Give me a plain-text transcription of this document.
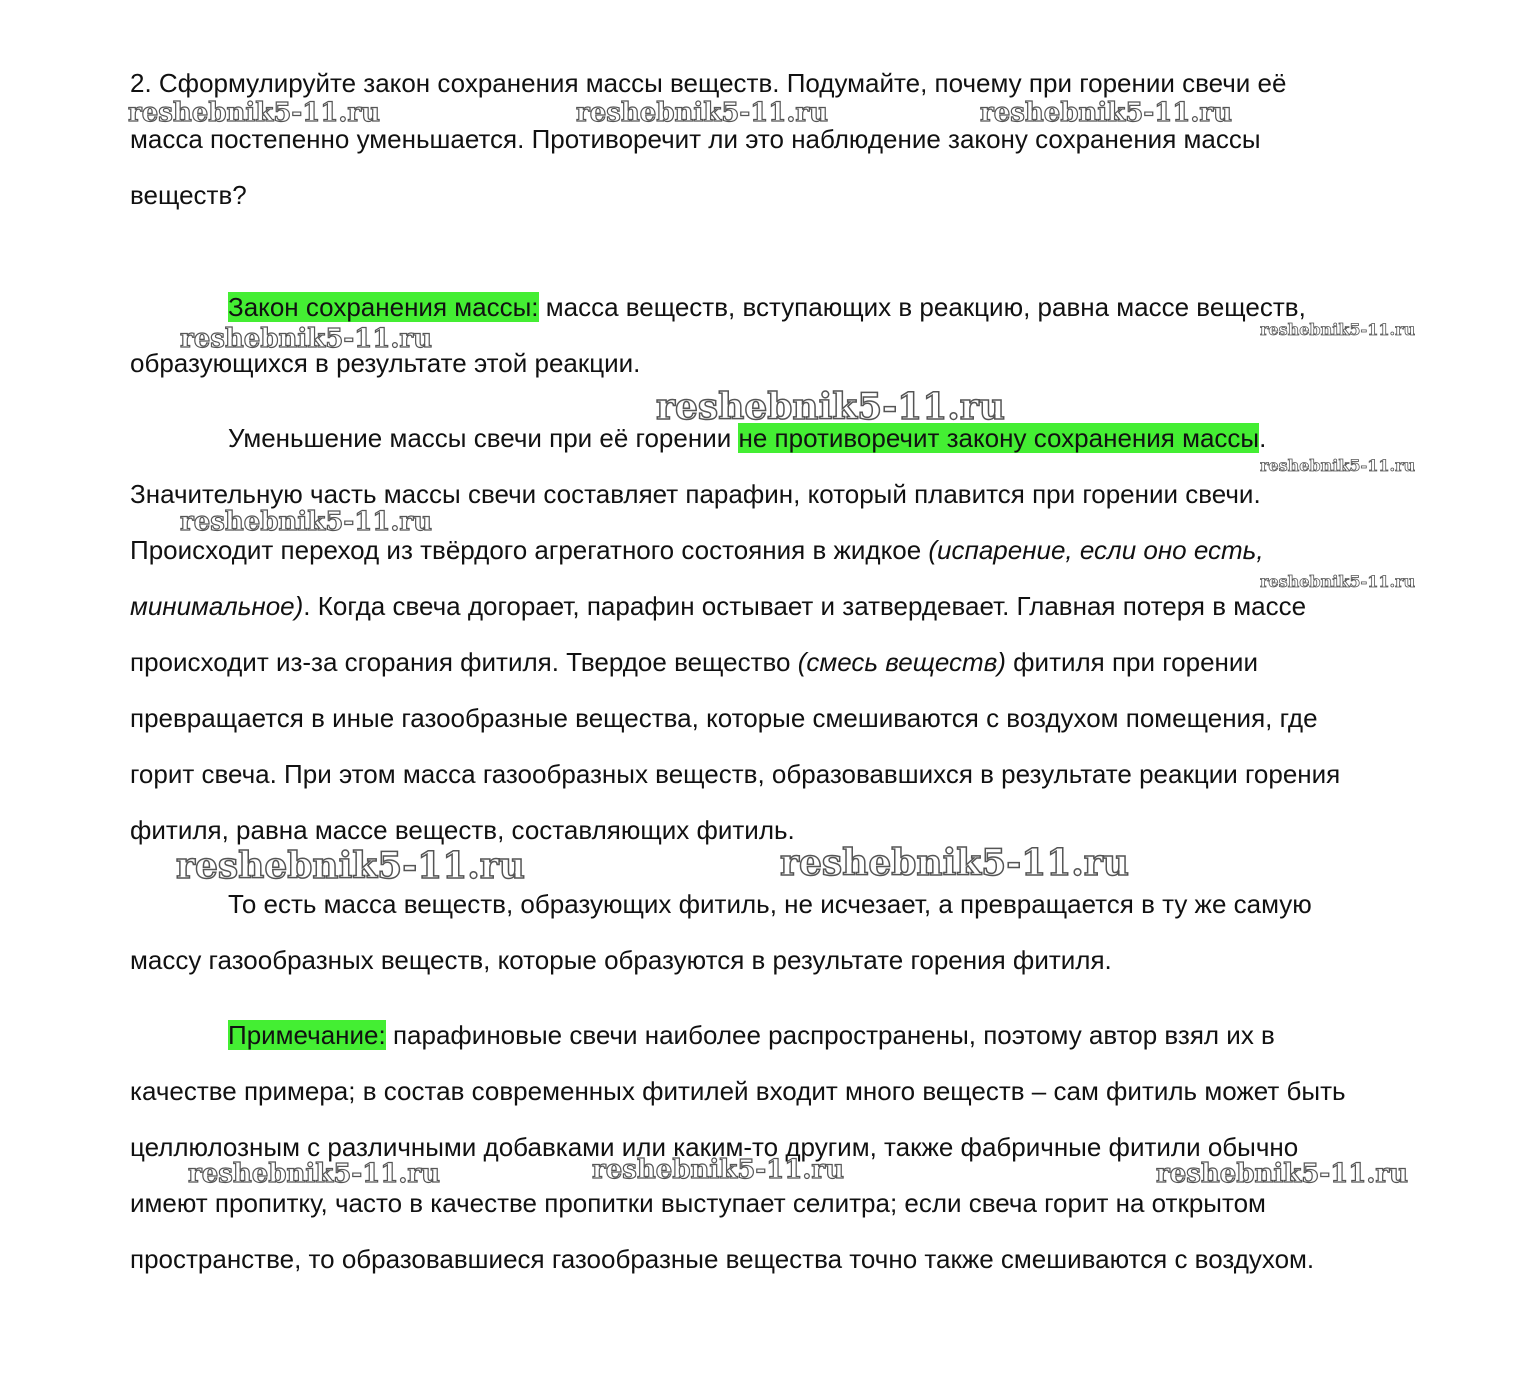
2. Сформулируйте закон сохранения массы веществ. Подумайте, почему при горении свечи её

масса постепенно уменьшается. Противоречит ли это наблюдение закону сохранения массы

веществ?

Закон сохранения массы: масса веществ, вступающих в реакцию, равна массе веществ,

образующихся в результате этой реакции.

Уменьшение массы свечи при её горении не противоречит закону сохранения массы.

Значительную часть массы свечи составляет парафин, который плавится при горении свечи.

Происходит переход из твёрдого агрегатного состояния в жидкое (испарение, если оно есть,

минимальное). Когда свеча догорает, парафин остывает и затвердевает. Главная потеря в массе

происходит из-за сгорания фитиля. Твердое вещество (смесь веществ) фитиля при горении

превращается в иные газообразные вещества, которые смешиваются с воздухом помещения, где

горит свеча. При этом масса газообразных веществ, образовавшихся в результате реакции горения

фитиля, равна массе веществ, составляющих фитиль.

То есть масса веществ, образующих фитиль, не исчезает, а превращается в ту же самую

массу газообразных веществ, которые образуются в результате горения фитиля.

Примечание: парафиновые свечи наиболее распространены, поэтому автор взял их в

качестве примера; в состав современных фитилей входит много веществ – сам фитиль может быть

целлюлозным с различными добавками или каким-то другим, также фабричные фитили обычно

имеют пропитку, часто в качестве пропитки выступает селитра; если свеча горит на открытом

пространстве, то образовавшиеся газообразные вещества точно также смешиваются с воздухом.

reshebnik5-11.ru	reshebnik5-11.ru	reshebnik5-11.ru
reshebnik5-11.ru	reshebnik5-11.ru
reshebnik5-11.ru
reshebnik5-11.ru
reshebnik5-11.ru
reshebnik5-11.ru
reshebnik5-11.ru	reshebnik5-11.ru
reshebnik5-11.ru	reshebnik5-11.ru	reshebnik5-11.ru
